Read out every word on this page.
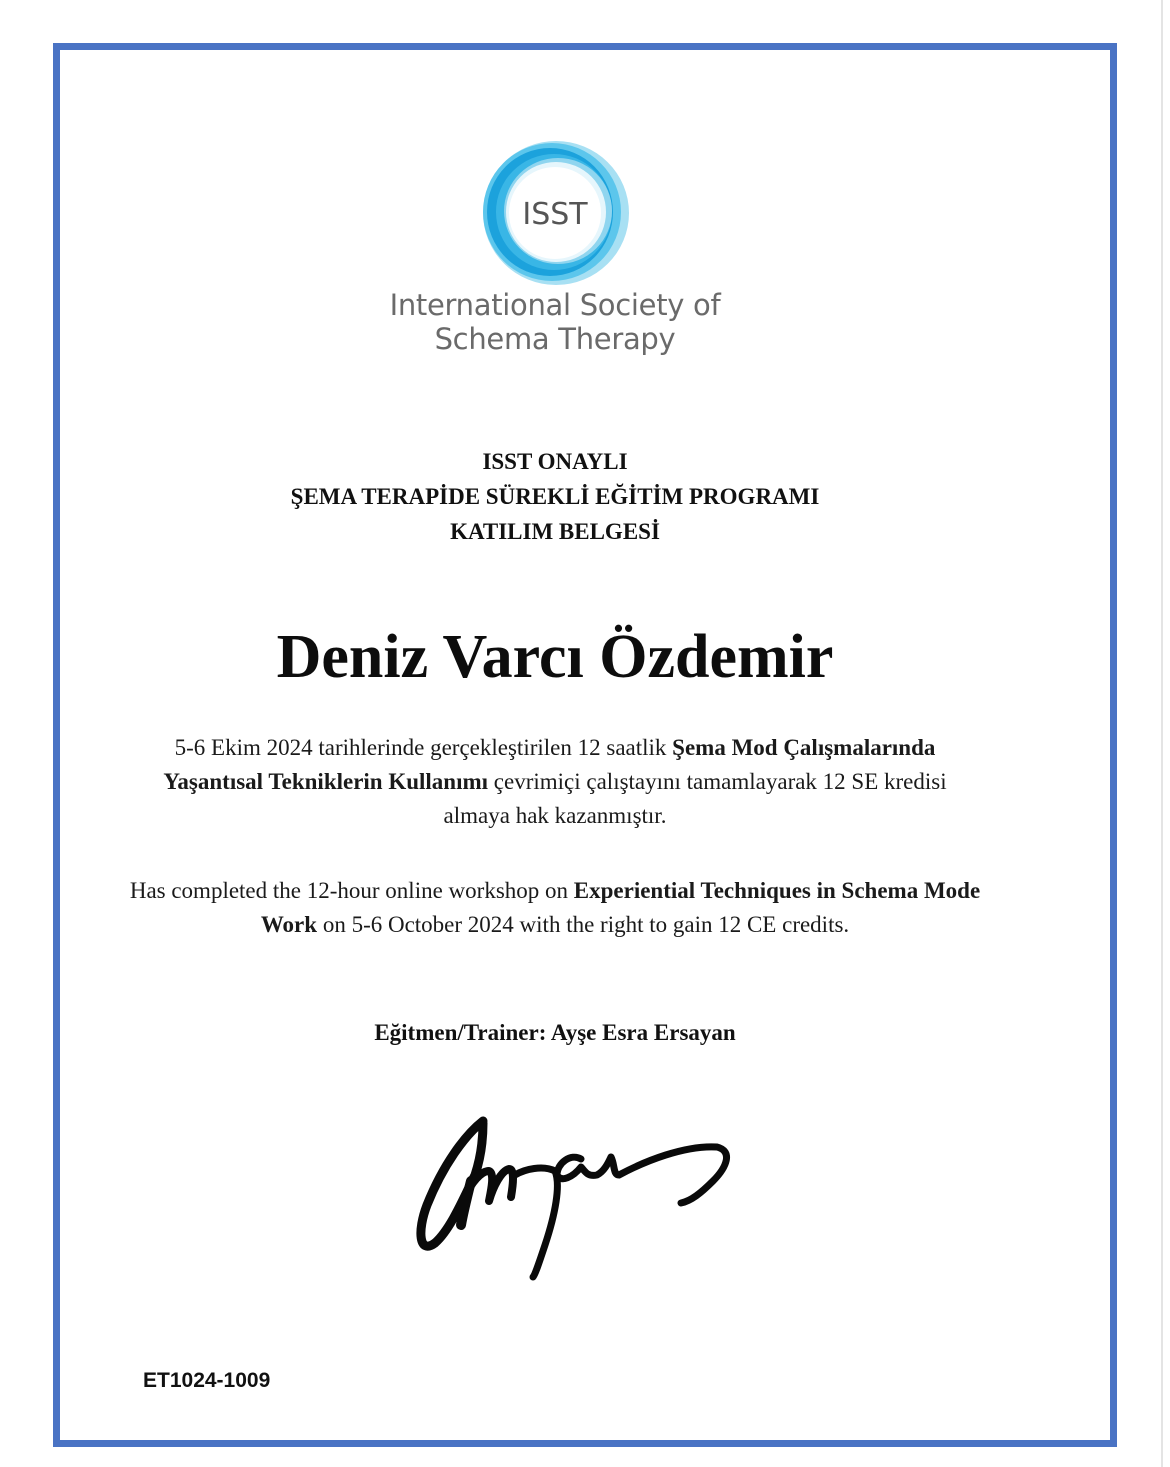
ISST
International Society of
Schema Therapy
ISST ONAYLI
ŞEMA TERAPİDE SÜREKLİ EĞİTİM PROGRAMI
KATILIM BELGESİ
Deniz Varcı Özdemir
5-6 Ekim 2024 tarihlerinde gerçekleştirilen 12 saatlik Şema Mod Çalışmalarında Yaşantısal Tekniklerin Kullanımı çevrimiçi çalıştayını tamamlayarak 12 SE kredisi almaya hak kazanmıştır.
Has completed the 12-hour online workshop on Experiential Techniques in Schema Mode Work on 5-6 October 2024 with the right to gain 12 CE credits.
Eğitmen/Trainer: Ayşe Esra Ersayan
ET1024-1009
